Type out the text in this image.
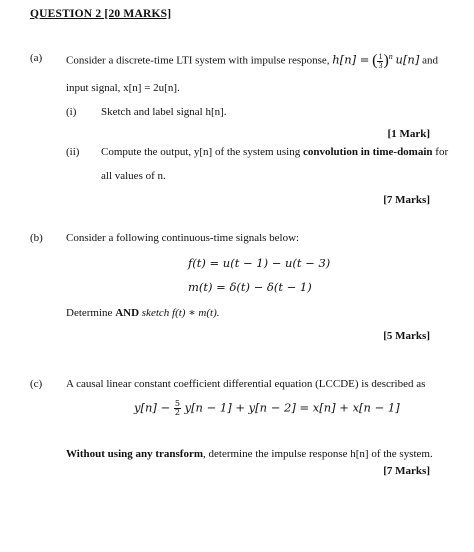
QUESTION 2 [20 MARKS]
(a) Consider a discrete-time LTI system with impulse response, h[n] = ( $\frac{1}{3} )^n$ u[n] and
input signal, x[n] = 2u[n].
(i) Sketch and label signal h[n].
[1 Mark]
(ii) Compute the output, y[n] of the system using convolution in time-domain for
all values of n.
[7 Marks]
(b) Consider a following continuous-time signals below:
f(t) = u(t − 1) − u(t − 3)
m(t) = δ(t) − δ(t − 1)
Determine AND sketch f(t) ∗ m(t).
[5 Marks]
(c) A causal linear constant coefficient differential equation (LCCDE) is described as
$y[n] - \frac{5}{2} y[n - 1] + y[n - 2] = x[n] + x[n - 1]$
Without using any transform, determine the impulse response h[n] of the system.
[7 Marks]
